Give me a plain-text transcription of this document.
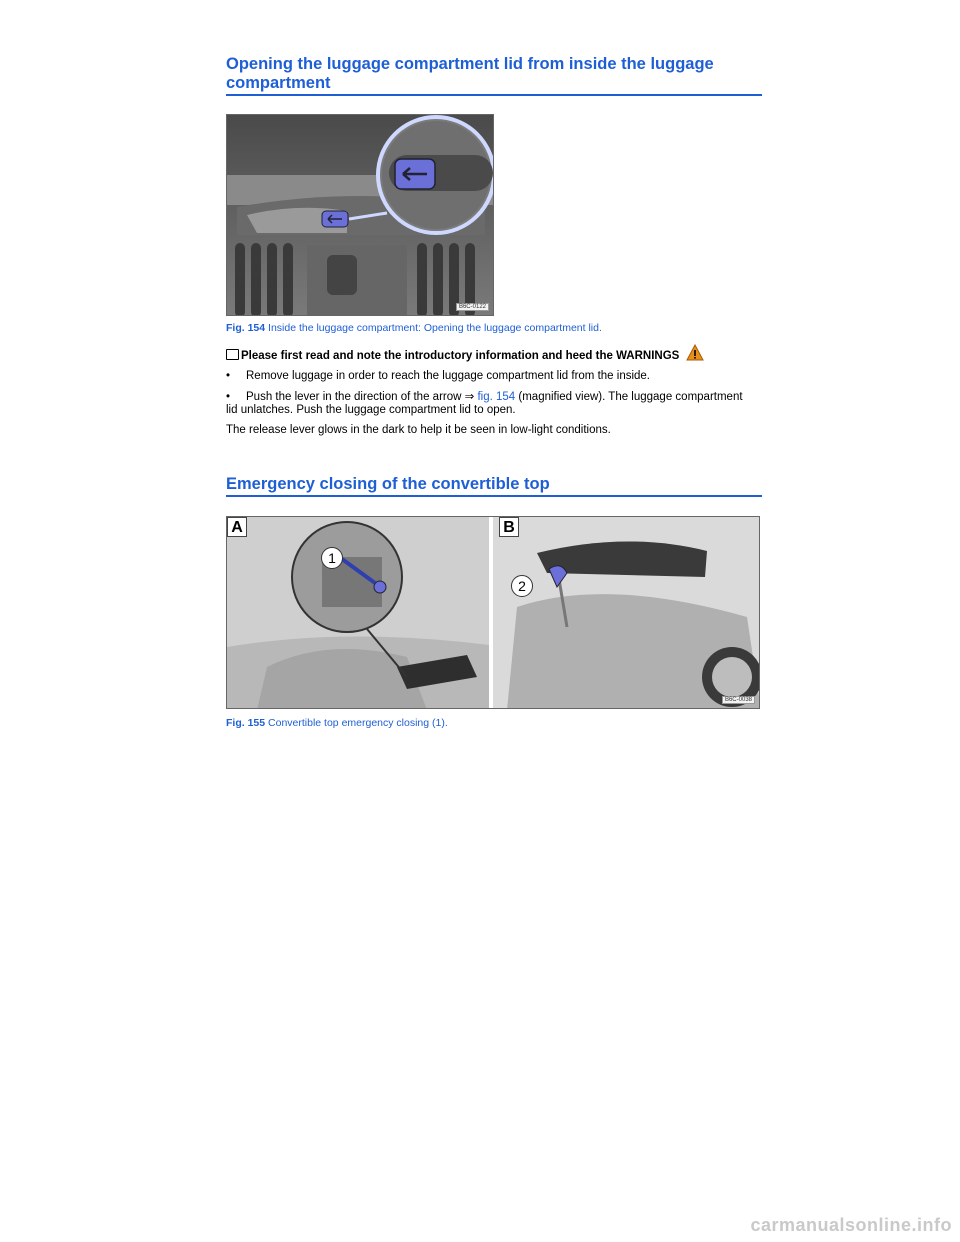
Opening the luggage compartment lid from inside the luggage compartment
B6C-0122
Fig. 154 Inside the luggage compartment: Opening the luggage compartment lid.
Please first read and note the introductory information and heed the WARNINGS
• Remove luggage in order to reach the luggage compartment lid from the inside.
• Push the lever in the direction of the arrow ⇒ fig. 154 (magnified view). The luggage compartment lid unlatches. Push the luggage compartment lid to open.
The release lever glows in the dark to help it be seen in low-light conditions.
Emergency closing of the convertible top
A	B
1
2
B6C-0038
Fig. 155 Convertible top emergency closing (1).
carmanualsonline.info
